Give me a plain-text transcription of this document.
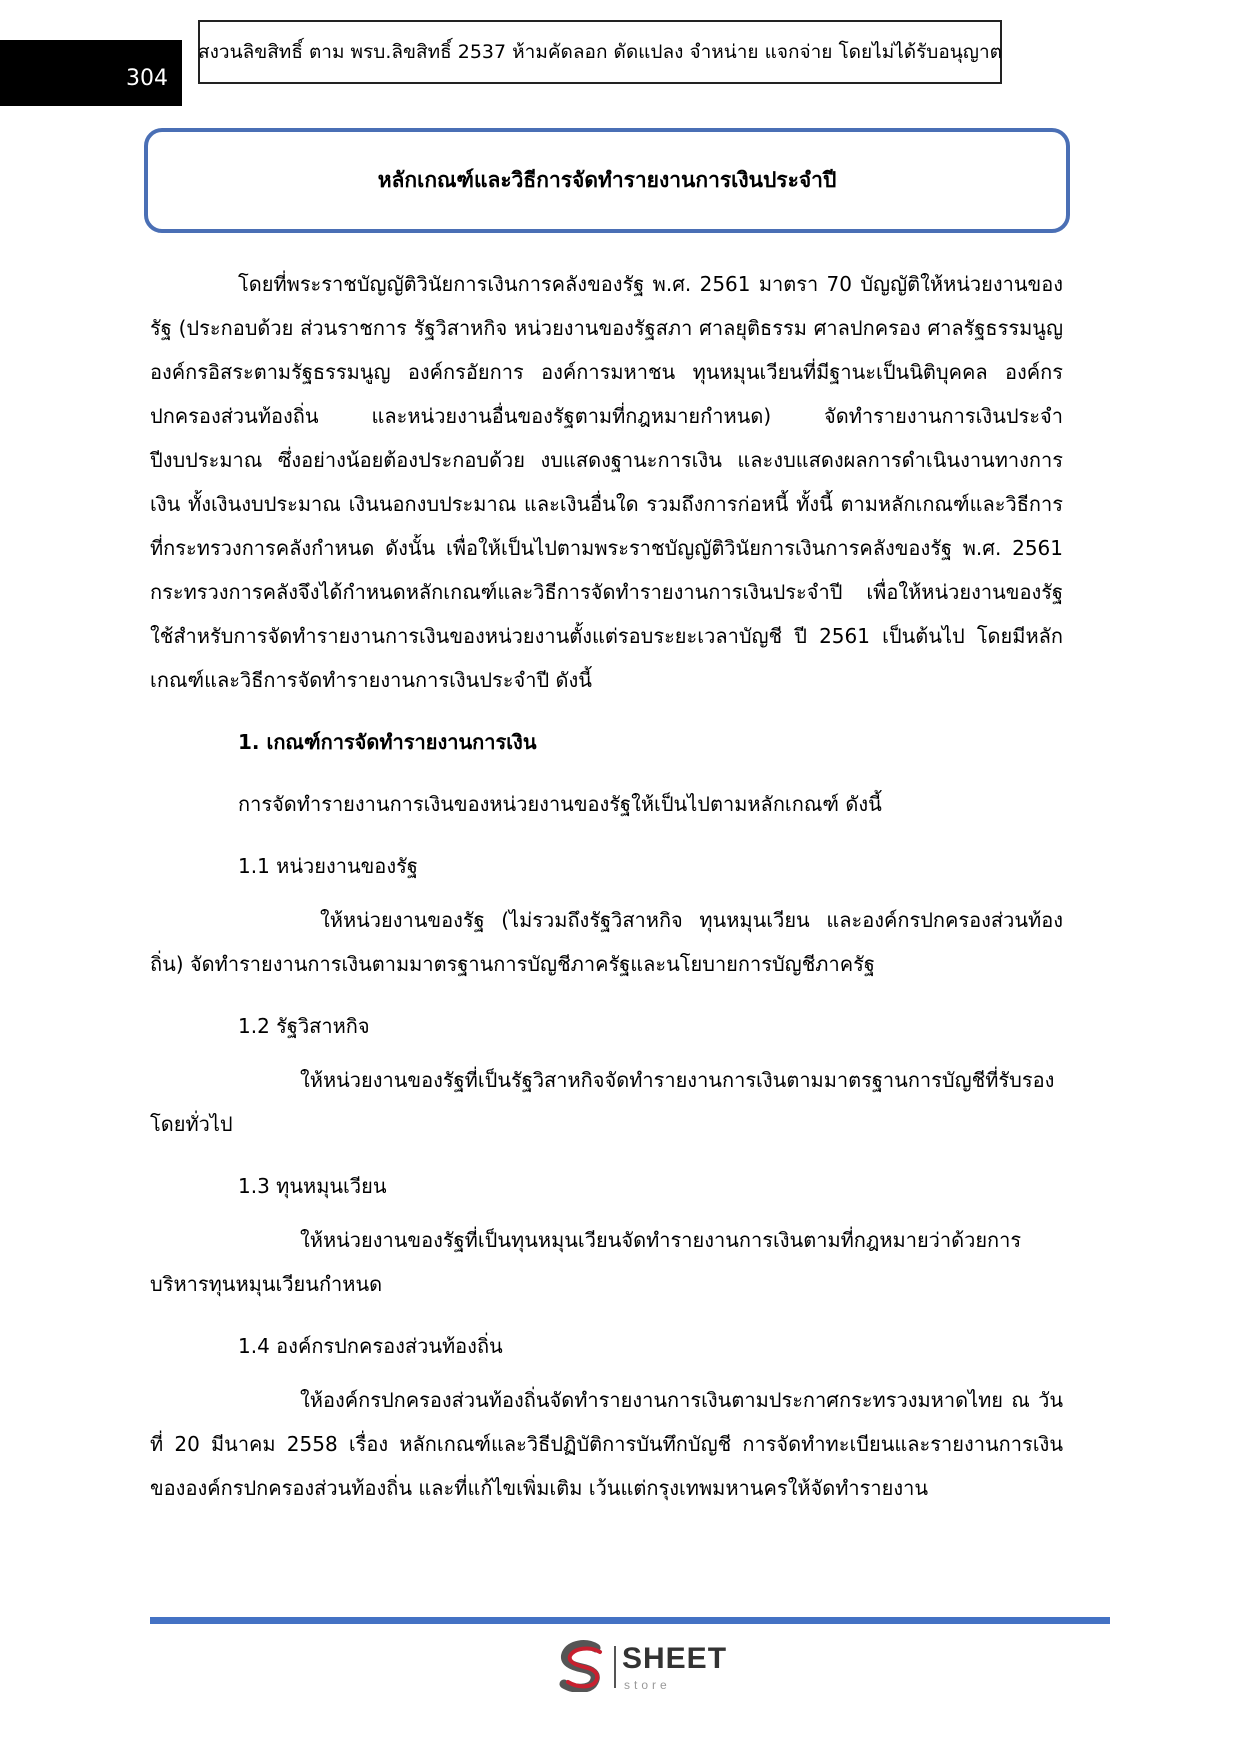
304
สงวนลิขสิทธิ์ ตาม พรบ.ลิขสิทธิ์ 2537 ห้ามคัดลอก ดัดแปลง จำหน่าย แจกจ่าย โดยไม่ได้รับอนุญาต
หลักเกณฑ์และวิธีการจัดทำรายงานการเงินประจำปี

โดยที่พระราชบัญญัติวินัยการเงินการคลังของรัฐ พ.ศ. 2561 มาตรา 70 บัญญัติให้หน่วยงานของรัฐ (ประกอบด้วย ส่วนราชการ รัฐวิสาหกิจ หน่วยงานของรัฐสภา ศาลยุติธรรม ศาลปกครอง ศาลรัฐธรรมนูญ องค์กรอิสระตามรัฐธรรมนูญ องค์กรอัยการ องค์การมหาชน ทุนหมุนเวียนที่มีฐานะเป็นนิติบุคคล องค์กรปกครองส่วนท้องถิ่น และหน่วยงานอื่นของรัฐตามที่กฎหมายกำหนด) จัดทำรายงานการเงินประจำปีงบประมาณ ซึ่งอย่างน้อยต้องประกอบด้วย งบแสดงฐานะการเงิน และงบแสดงผลการดำเนินงานทางการเงิน ทั้งเงินงบประมาณ เงินนอกงบประมาณ และเงินอื่นใด รวมถึงการก่อหนี้ ทั้งนี้ ตามหลักเกณฑ์และวิธีการที่กระทรวงการคลังกำหนด ดังนั้น เพื่อให้เป็นไปตามพระราชบัญญัติวินัยการเงินการคลังของรัฐ พ.ศ. 2561 กระทรวงการคลังจึงได้กำหนดหลักเกณฑ์และวิธีการจัดทำรายงานการเงินประจำปี เพื่อให้หน่วยงานของรัฐใช้สำหรับการจัดทำรายงานการเงินของหน่วยงานตั้งแต่รอบระยะเวลาบัญชี ปี 2561 เป็นต้นไป โดยมีหลักเกณฑ์และวิธีการจัดทำรายงานการเงินประจำปี ดังนี้

1. เกณฑ์การจัดทำรายงานการเงิน

การจัดทำรายงานการเงินของหน่วยงานของรัฐให้เป็นไปตามหลักเกณฑ์ ดังนี้

1.1 หน่วยงานของรัฐ

ให้หน่วยงานของรัฐ (ไม่รวมถึงรัฐวิสาหกิจ ทุนหมุนเวียน และองค์กรปกครองส่วนท้องถิ่น) จัดทำรายงานการเงินตามมาตรฐานการบัญชีภาครัฐและนโยบายการบัญชีภาครัฐ

1.2 รัฐวิสาหกิจ

ให้หน่วยงานของรัฐที่เป็นรัฐวิสาหกิจจัดทำรายงานการเงินตามมาตรฐานการบัญชีที่รับรองโดยทั่วไป

1.3 ทุนหมุนเวียน

ให้หน่วยงานของรัฐที่เป็นทุนหมุนเวียนจัดทำรายงานการเงินตามที่กฎหมายว่าด้วยการบริหารทุนหมุนเวียนกำหนด

1.4 องค์กรปกครองส่วนท้องถิ่น

ให้องค์กรปกครองส่วนท้องถิ่นจัดทำรายงานการเงินตามประกาศกระทรวงมหาดไทย ณ วันที่ 20 มีนาคม 2558 เรื่อง หลักเกณฑ์และวิธีปฏิบัติการบันทึกบัญชี การจัดทำทะเบียนและรายงานการเงินขององค์กรปกครองส่วนท้องถิ่น และที่แก้ไขเพิ่มเติม เว้นแต่กรุงเทพมหานครให้จัดทำรายงาน

SHEET
store
